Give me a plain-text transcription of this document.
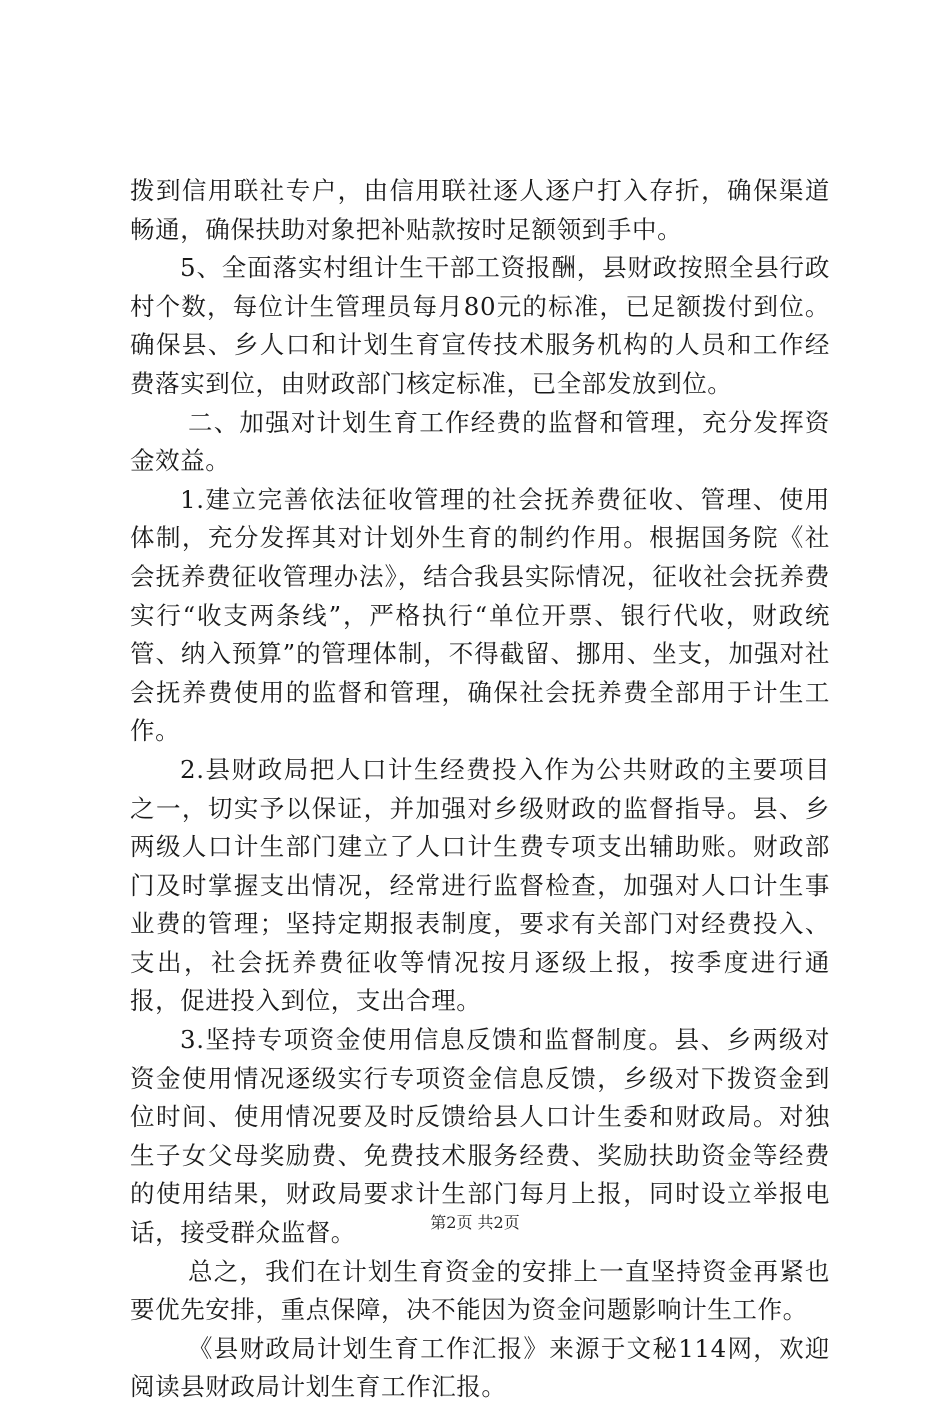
拨到信用联社专户，由信用联社逐人逐户打入存折，确保渠道畅通，确保扶助对象把补贴款按时足额领到手中。

5、全面落实村组计生干部工资报酬，县财政按照全县行政村个数，每位计生管理员每月80元的标准，已足额拨付到位。确保县、乡人口和计划生育宣传技术服务机构的人员和工作经费落实到位，由财政部门核定标准，已全部发放到位。

二、加强对计划生育工作经费的监督和管理，充分发挥资金效益。

1.建立完善依法征收管理的社会抚养费征收、管理、使用体制，充分发挥其对计划外生育的制约作用。根据国务院《社会抚养费征收管理办法》，结合我县实际情况，征收社会抚养费实行“收支两条线”，严格执行“单位开票、银行代收，财政统管、纳入预算”的管理体制，不得截留、挪用、坐支，加强对社会抚养费使用的监督和管理，确保社会抚养费全部用于计生工作。

2.县财政局把人口计生经费投入作为公共财政的主要项目之一，切实予以保证，并加强对乡级财政的监督指导。县、乡两级人口计生部门建立了人口计生费专项支出辅助账。财政部门及时掌握支出情况，经常进行监督检查，加强对人口计生事业费的管理；坚持定期报表制度，要求有关部门对经费投入、支出，社会抚养费征收等情况按月逐级上报，按季度进行通报，促进投入到位，支出合理。

3.坚持专项资金使用信息反馈和监督制度。县、乡两级对资金使用情况逐级实行专项资金信息反馈，乡级对下拨资金到位时间、使用情况要及时反馈给县人口计生委和财政局。对独生子女父母奖励费、免费技术服务经费、奖励扶助资金等经费的使用结果，财政局要求计生部门每月上报，同时设立举报电话，接受群众监督。

总之，我们在计划生育资金的安排上一直坚持资金再紧也要优先安排，重点保障，决不能因为资金问题影响计生工作。

《县财政局计划生育工作汇报》来源于文秘114网，欢迎阅读县财政局计划生育工作汇报。

第2页 共2页
